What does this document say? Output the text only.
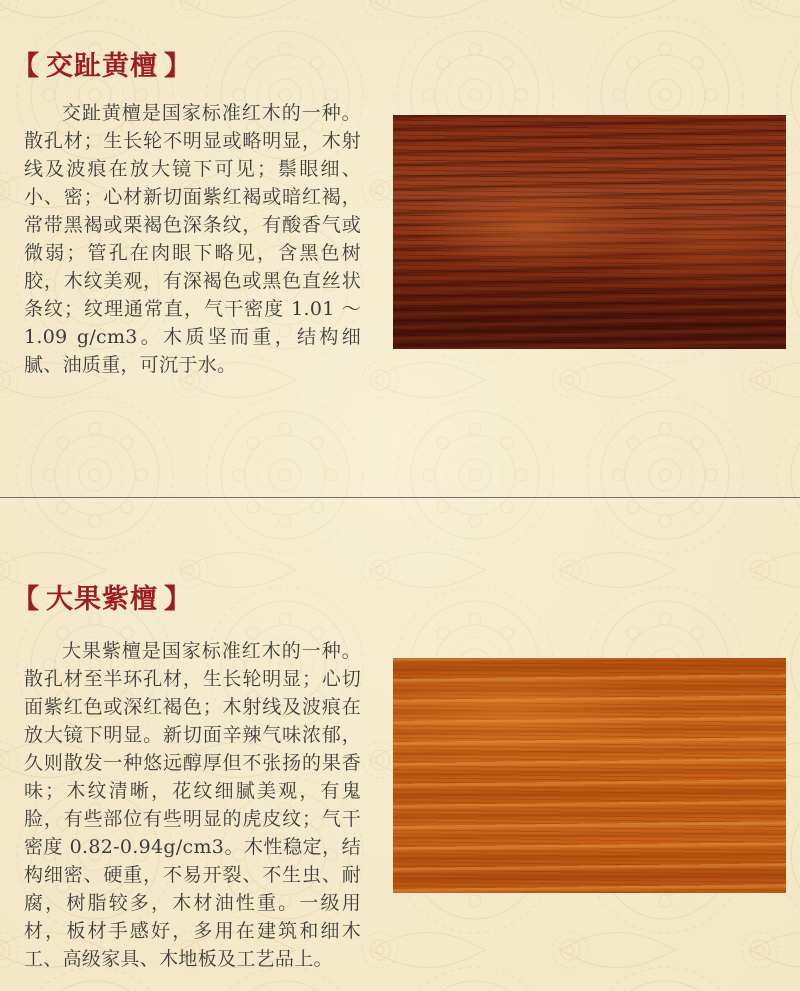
【 交趾黄檀 】

交趾黄檀是国家标准红木的一种。散孔材；生长轮不明显或略明显，木射线及波痕在放大镜下可见；鬃眼细、小、密；心材新切面紫红褐或暗红褐，常带黑褐或栗褐色深条纹，有酸香气或微弱；管孔在肉眼下略见，含黑色树胶，木纹美观，有深褐色或黑色直丝状条纹；纹理通常直，气干密度 1.01 ～ 1.09 g/cm3。木质坚而重，结构细腻、油质重，可沉于水。

【 大果紫檀 】

大果紫檀是国家标准红木的一种。散孔材至半环孔材，生长轮明显；心切面紫红色或深红褐色；木射线及波痕在放大镜下明显。新切面辛辣气味浓郁，久则散发一种悠远醇厚但不张扬的果香味；木纹清晰，花纹细腻美观，有鬼脸，有些部位有些明显的虎皮纹；气干密度 0.82-0.94g/cm3。木性稳定，结构细密、硬重，不易开裂、不生虫、耐腐，树脂较多，木材油性重。一级用材，板材手感好，多用在建筑和细木工、高级家具、木地板及工艺品上。
